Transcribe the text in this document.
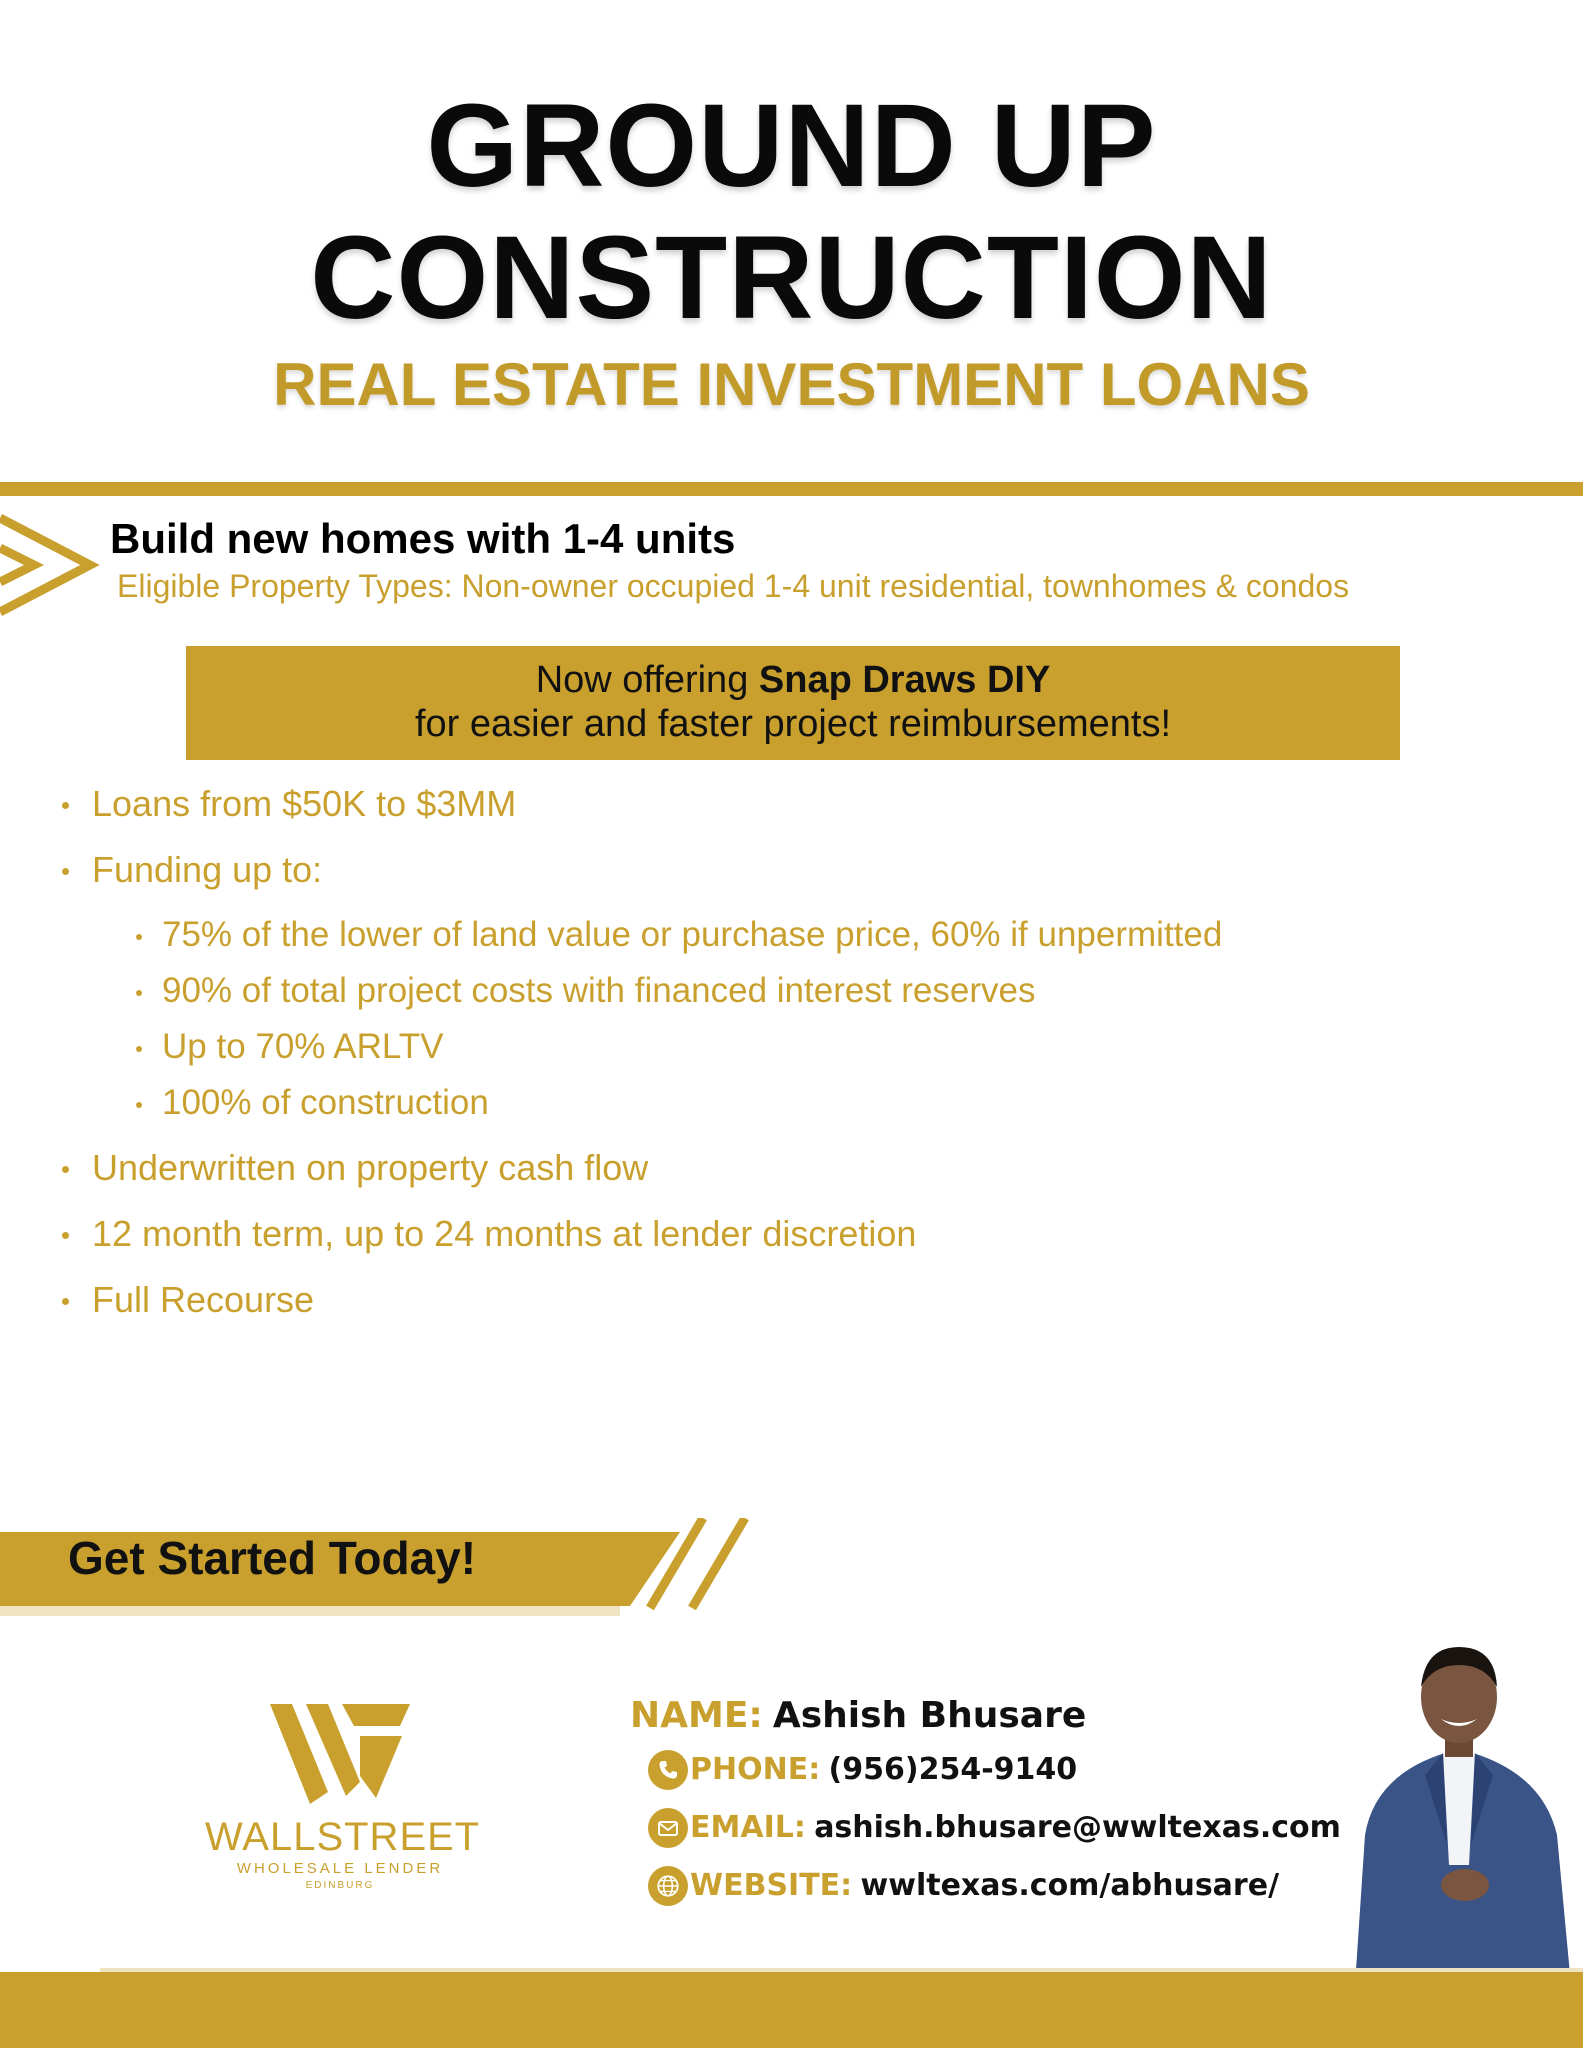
GROUND UP
CONSTRUCTION
REAL ESTATE INVESTMENT LOANS
Build new homes with 1-4 units
Eligible Property Types: Non-owner occupied 1-4 unit residential, townhomes & condos
Now offering Snap Draws DIY
for easier and faster project reimbursements!
Loans from $50K to $3MM
Funding up to:
75% of the lower of land value or purchase price, 60% if unpermitted
90% of total project costs with financed interest reserves
Up to 70% ARLTV
100% of construction
Underwritten on property cash flow
12 month term, up to 24 months at lender discretion
Full Recourse
Get Started Today!
WALLSTREET
WHOLESALE LENDER
EDINBURG
NAME: Ashish Bhusare
PHONE:
(956)254-9140
EMAIL:
ashish.bhusare@wwltexas.com
WEBSITE:
wwltexas.com/abhusare/
